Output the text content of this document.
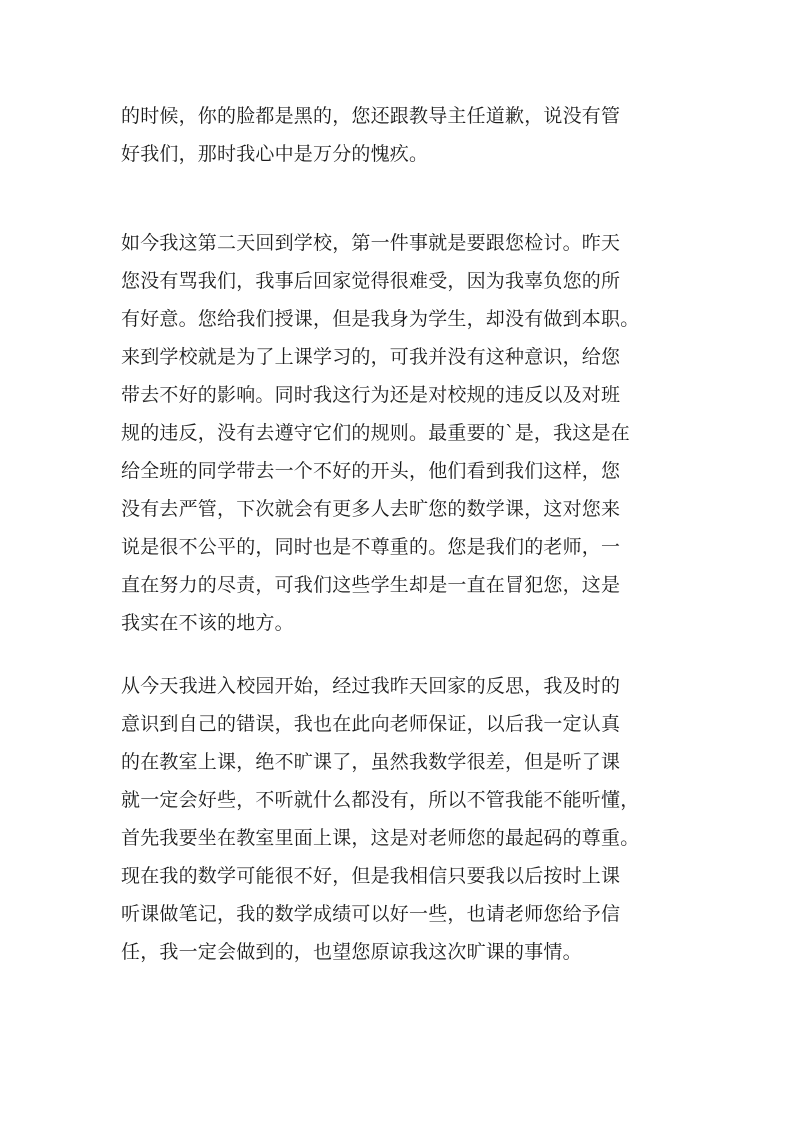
的时候，你的脸都是黑的，您还跟教导主任道歉，说没有管
好我们，那时我心中是万分的愧疚。

如今我这第二天回到学校，第一件事就是要跟您检讨。昨天
您没有骂我们，我事后回家觉得很难受，因为我辜负您的所
有好意。您给我们授课，但是我身为学生，却没有做到本职。
来到学校就是为了上课学习的，可我并没有这种意识，给您
带去不好的影响。同时我这行为还是对校规的违反以及对班
规的违反，没有去遵守它们的规则。最重要的`是，我这是在
给全班的同学带去一个不好的开头，他们看到我们这样，您
没有去严管，下次就会有更多人去旷您的数学课，这对您来
说是很不公平的，同时也是不尊重的。您是我们的老师，一
直在努力的尽责，可我们这些学生却是一直在冒犯您，这是
我实在不该的地方。

从今天我进入校园开始，经过我昨天回家的反思，我及时的
意识到自己的错误，我也在此向老师保证，以后我一定认真
的在教室上课，绝不旷课了，虽然我数学很差，但是听了课
就一定会好些，不听就什么都没有，所以不管我能不能听懂，
首先我要坐在教室里面上课，这是对老师您的最起码的尊重。
现在我的数学可能很不好，但是我相信只要我以后按时上课
听课做笔记，我的数学成绩可以好一些，也请老师您给予信
任，我一定会做到的，也望您原谅我这次旷课的事情。
